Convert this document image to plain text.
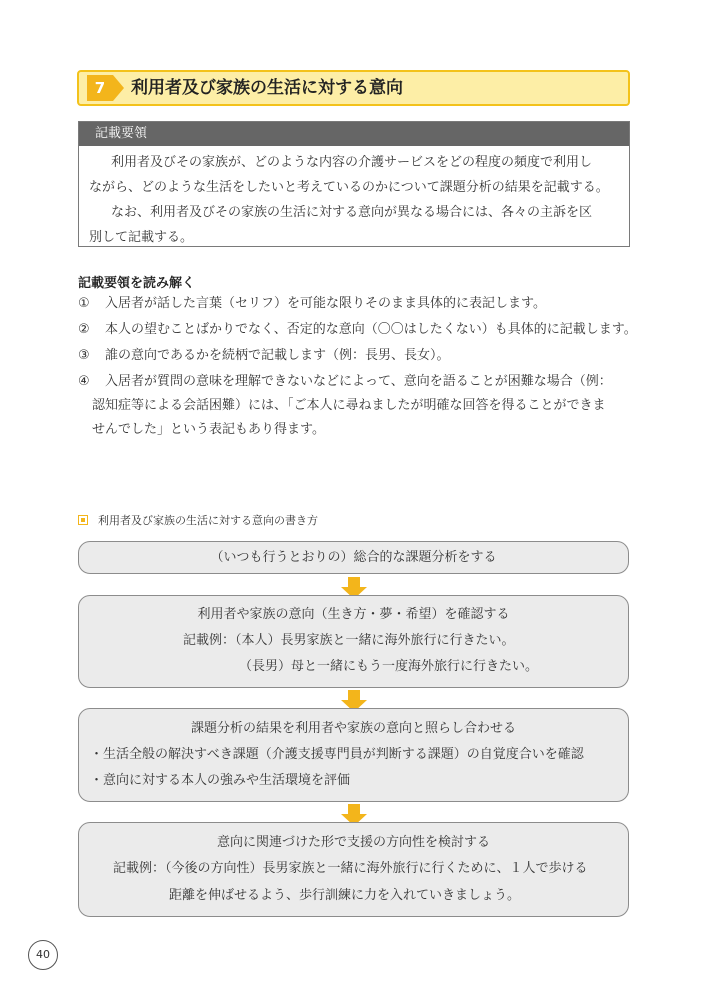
7	利用者及び家族の生活に対する意向
記載要領
利用者及びその家族が、どのような内容の介護サービスをどの程度の頻度で利用し
ながら、どのような生活をしたいと考えているのかについて課題分析の結果を記載する。
なお、利用者及びその家族の生活に対する意向が異なる場合には、各々の主訴を区
別して記載する。
記載要領を読み解く
①	入居者が話した言葉（セリフ）を可能な限りそのまま具体的に表記します。
②	本人の望むことばかりでなく、否定的な意向（〇〇はしたくない）も具体的に記載します。
③	誰の意向であるかを続柄で記載します（例：長男、長女）。
④	入居者が質問の意味を理解できないなどによって、意向を語ることが困難な場合（例：
認知症等による会話困難）には、「ご本人に尋ねましたが明確な回答を得ることができま
せんでした」という表記もあり得ます。
利用者及び家族の生活に対する意向の書き方
（いつも行うとおりの）総合的な課題分析をする
利用者や家族の意向（生き方・夢・希望）を確認する
記載例：（本人）長男家族と一緒に海外旅行に行きたい。
（長男）母と一緒にもう一度海外旅行に行きたい。
課題分析の結果を利用者や家族の意向と照らし合わせる
・生活全般の解決すべき課題（介護支援専門員が判断する課題）の自覚度合いを確認
・意向に対する本人の強みや生活環境を評価
意向に関連づけた形で支援の方向性を検討する
記載例：（今後の方向性）長男家族と一緒に海外旅行に行くために、１人で歩ける
距離を伸ばせるよう、歩行訓練に力を入れていきましょう。
40
